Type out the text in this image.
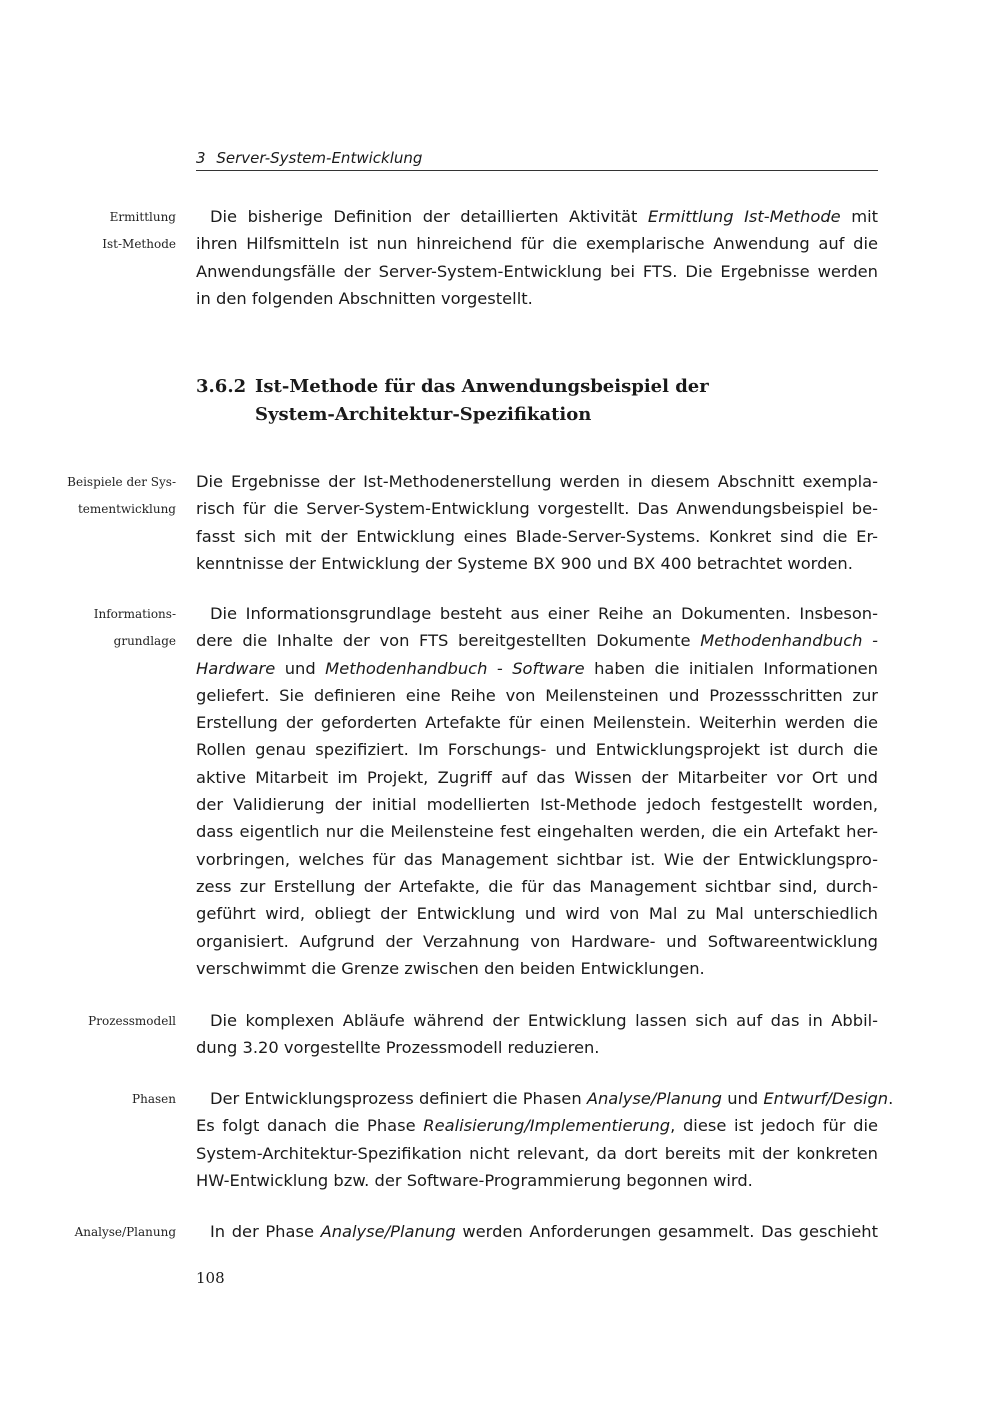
3 Server-System-Entwicklung
Ermittlung
Ist-Methode
Die bisherige Definition der detaillierten Aktivität Ermittlung Ist-Methode mit
ihren Hilfsmitteln ist nun hinreichend für die exemplarische Anwendung auf die
Anwendungsfälle der Server-System-Entwicklung bei FTS. Die Ergebnisse werden
in den folgenden Abschnitten vorgestellt.
3.6.2 Ist-Methode für das Anwendungsbeispiel der
System-Architektur-Spezifikation
Beispiele der Sys-
tementwicklung
Die Ergebnisse der Ist-Methodenerstellung werden in diesem Abschnitt exempla-
risch für die Server-System-Entwicklung vorgestellt. Das Anwendungsbeispiel be-
fasst sich mit der Entwicklung eines Blade-Server-Systems. Konkret sind die Er-
kenntnisse der Entwicklung der Systeme BX 900 und BX 400 betrachtet worden.
Informations-
grundlage
Die Informationsgrundlage besteht aus einer Reihe an Dokumenten. Insbeson-
dere die Inhalte der von FTS bereitgestellten Dokumente Methodenhandbuch -
Hardware und Methodenhandbuch - Software haben die initialen Informationen
geliefert. Sie definieren eine Reihe von Meilensteinen und Prozessschritten zur
Erstellung der geforderten Artefakte für einen Meilenstein. Weiterhin werden die
Rollen genau spezifiziert. Im Forschungs- und Entwicklungsprojekt ist durch die
aktive Mitarbeit im Projekt, Zugriff auf das Wissen der Mitarbeiter vor Ort und
der Validierung der initial modellierten Ist-Methode jedoch festgestellt worden,
dass eigentlich nur die Meilensteine fest eingehalten werden, die ein Artefakt her-
vorbringen, welches für das Management sichtbar ist. Wie der Entwicklungspro-
zess zur Erstellung der Artefakte, die für das Management sichtbar sind, durch-
geführt wird, obliegt der Entwicklung und wird von Mal zu Mal unterschiedlich
organisiert. Aufgrund der Verzahnung von Hardware- und Softwareentwicklung
verschwimmt die Grenze zwischen den beiden Entwicklungen.
Prozessmodell	Die komplexen Abläufe während der Entwicklung lassen sich auf das in Abbil-
dung 3.20 vorgestellte Prozessmodell reduzieren.
Phasen	Der Entwicklungsprozess definiert die Phasen Analyse/Planung und Entwurf/Design.
Es folgt danach die Phase Realisierung/Implementierung, diese ist jedoch für die
System-Architektur-Spezifikation nicht relevant, da dort bereits mit der konkreten
HW-Entwicklung bzw. der Software-Programmierung begonnen wird.
Analyse/Planung	In der Phase Analyse/Planung werden Anforderungen gesammelt. Das geschieht
108
